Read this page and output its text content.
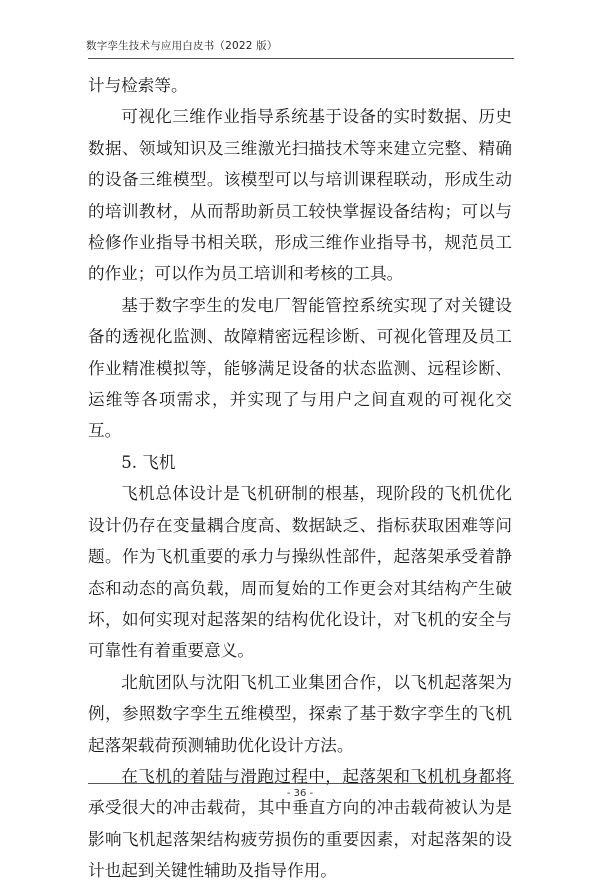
数字孪生技术与应用白皮书（2022 版）

计与检索等。

可视化三维作业指导系统基于设备的实时数据、历史数据、领域知识及三维激光扫描技术等来建立完整、精确的设备三维模型。该模型可以与培训课程联动，形成生动的培训教材，从而帮助新员工较快掌握设备结构；可以与检修作业指导书相关联，形成三维作业指导书，规范员工的作业；可以作为员工培训和考核的工具。

基于数字孪生的发电厂智能管控系统实现了对关键设备的透视化监测、故障精密远程诊断、可视化管理及员工作业精准模拟等，能够满足设备的状态监测、远程诊断、运维等各项需求，并实现了与用户之间直观的可视化交互。

5. 飞机

飞机总体设计是飞机研制的根基，现阶段的飞机优化设计仍存在变量耦合度高、数据缺乏、指标获取困难等问题。作为飞机重要的承力与操纵性部件，起落架承受着静态和动态的高负载，周而复始的工作更会对其结构产生破坏，如何实现对起落架的结构优化设计，对飞机的安全与可靠性有着重要意义。

北航团队与沈阳飞机工业集团合作，以飞机起落架为例，参照数字孪生五维模型，探索了基于数字孪生的飞机起落架载荷预测辅助优化设计方法。

在飞机的着陆与滑跑过程中，起落架和飞机机身都将承受很大的冲击载荷，其中垂直方向的冲击载荷被认为是影响飞机起落架结构疲劳损伤的重要因素，对起落架的设计也起到关键性辅助及指导作用。

- 36 -
